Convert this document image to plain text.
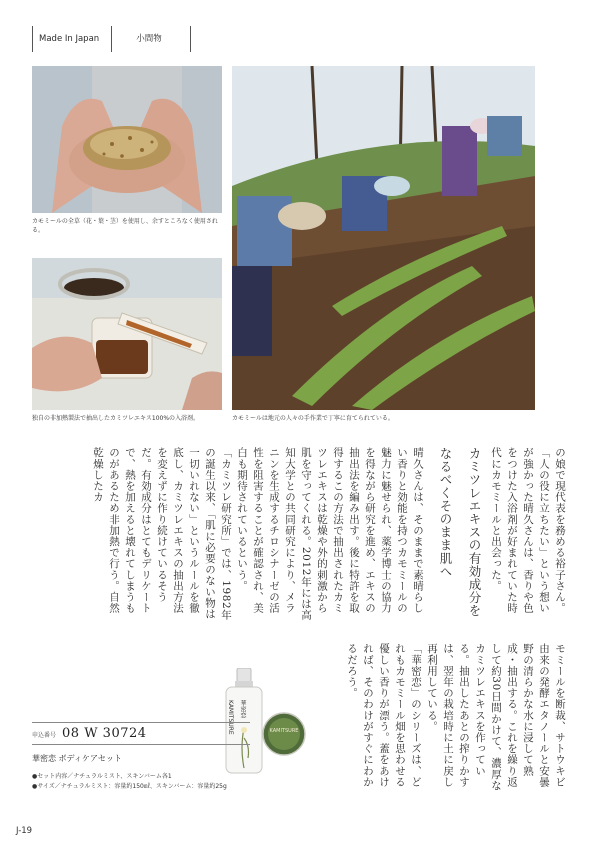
Made In Japan	小間物
カモミールの全草（花・葉・茎）を使用し、余すところなく使用される。
独自の非加熱製法で抽出したカミツレエキス100%の入浴剤。	カモミールは地元の人々の手作業で丁寧に育てられている。

の娘で現代表を務める裕子さん。「人の役に立ちたい」という想いが強かった晴久さんは、香りや色をつけた入浴剤が好まれていた時代にカモミールと出会った。

カミツレエキスの有効成分を

なるべくそのまま肌へ

晴久さんは、そのままで素晴らしい香りと効能を持つカモミールの魅力に魅せられ、薬学博士の協力を得ながら研究を進め、エキスの抽出法を編み出す。後に特許を取得するこの方法で抽出されたカミツレエキスは乾燥や外的刺激から肌を守ってくれる。2012年には高知大学との共同研究により、メラニンを生成するチロシナーゼの活性を阻害することが確認され、美白も期待されているという。

「カミツレ研究所」では、1982年の誕生以来、「肌に必要のない物は一切いれない」というルールを徹底し、カミツレエキスの抽出方法を変えずに作り続けているそうだ。有効成分はとてもデリケートで、熱を加えると壊れてしまうものがあるため非加熱で行う。自然乾燥したカ

モミールを断裁、サトウキビ由来の発酵エタノールと安曇野の清らかな水に浸して熟成・抽出する。これを繰り返して約30日間かけて、濃厚なカミツレエキスを作っている。抽出したあとの搾りかすは、翌年の栽培時に土に戻し再利用している。

「華密恋」のシリーズは、どれもカモミール畑を思わせる優しい香りが漂う。蓋をあければ、そのわけがすぐにわかるだろう。

KAMITSURE 華密恋
KAMITSURE
申込番号 08 W 30724
華密恋 ボディケアセット
●セット内容／ナチュラルミスト、スキンバーム各1
●サイズ／ナチュラルミスト：容量約150㎖、スキンバーム：容量約25g
J-19
